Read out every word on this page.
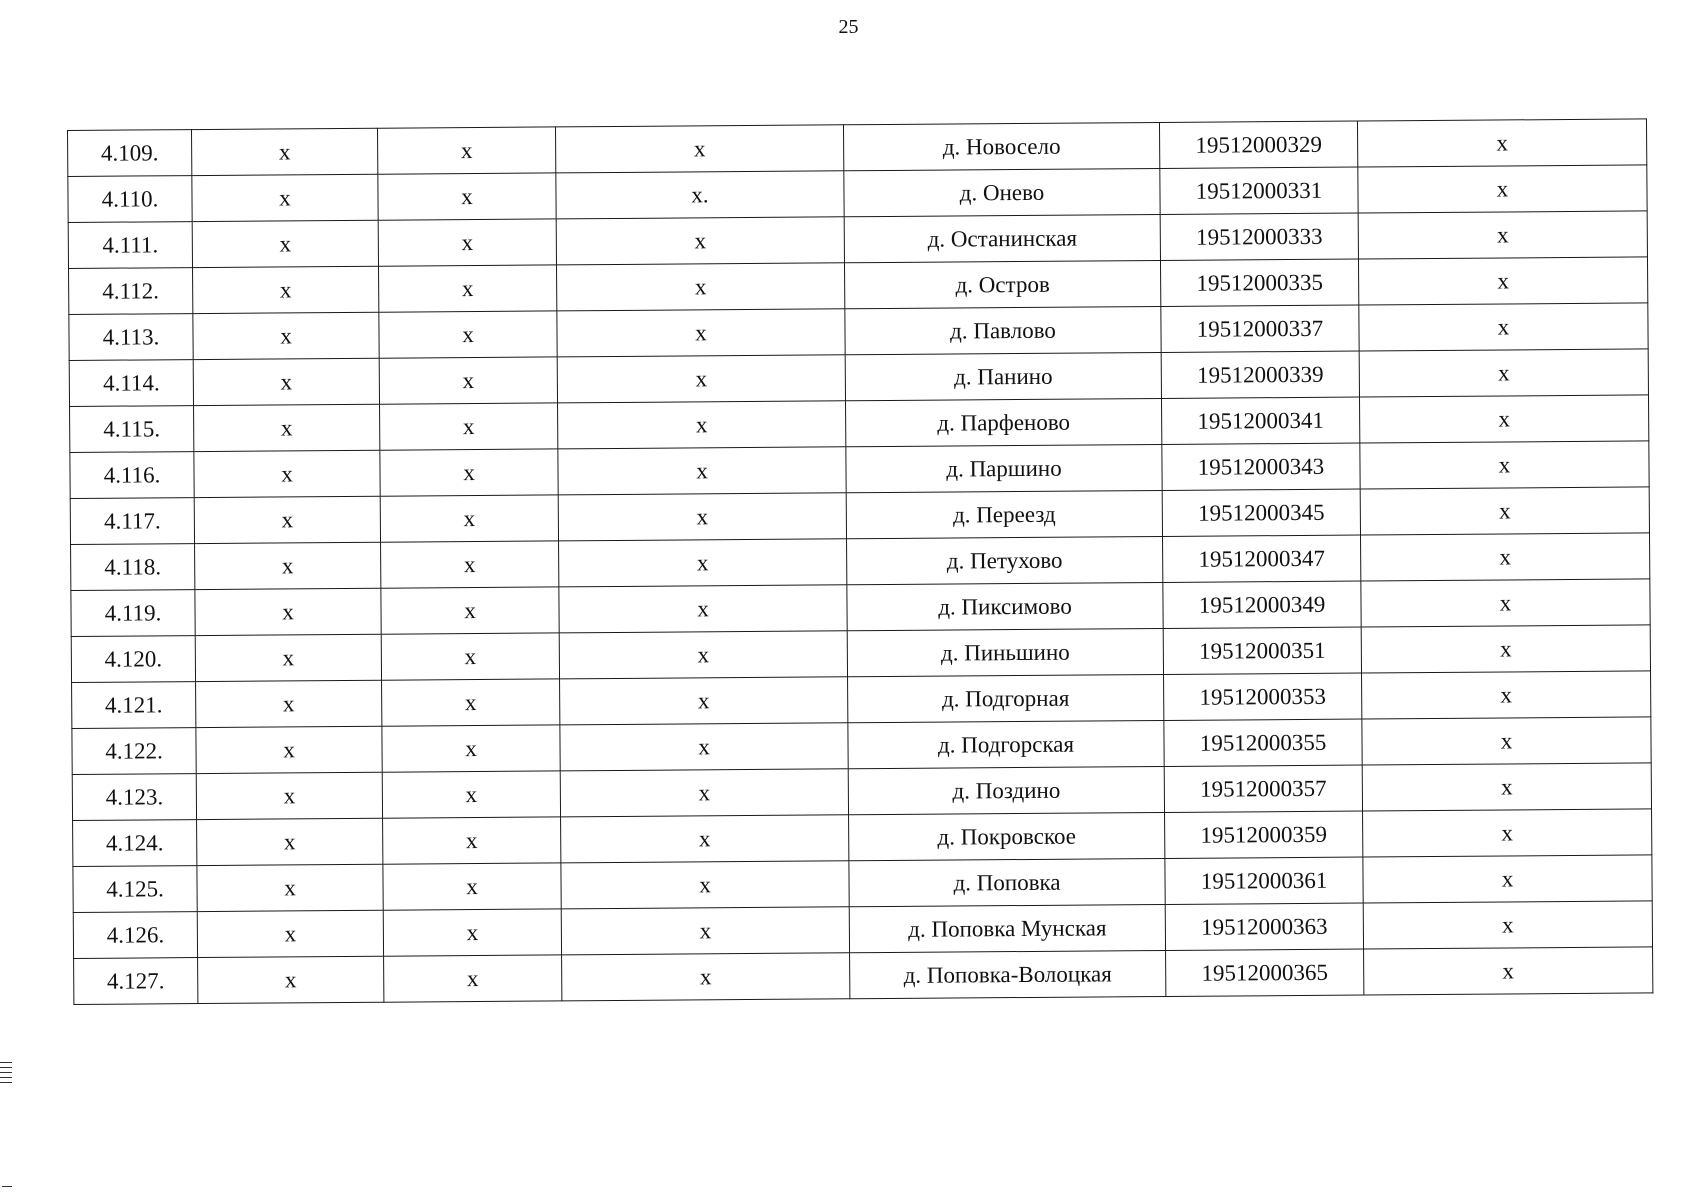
25
4.109.	x	x	x	д. Новосело	19512000329	x
4.110.	x	x	x.	д. Онево	19512000331	x
4.111.	x	x	x	д. Останинская	19512000333	x
4.112.	x	x	x	д. Остров	19512000335	x
4.113.	x	x	x	д. Павлово	19512000337	x
4.114.	x	x	x	д. Панино	19512000339	x
4.115.	x	x	x	д. Парфеново	19512000341	x
4.116.	x	x	x	д. Паршино	19512000343	x
4.117.	x	x	x	д. Переезд	19512000345	x
4.118.	x	x	x	д. Петухово	19512000347	x
4.119.	x	x	x	д. Пиксимово	19512000349	x
4.120.	x	x	x	д. Пиньшино	19512000351	x
4.121.	x	x	x	д. Подгорная	19512000353	x
4.122.	x	x	x	д. Подгорская	19512000355	x
4.123.	x	x	x	д. Поздино	19512000357	x
4.124.	x	x	x	д. Покровское	19512000359	x
4.125.	x	x	x	д. Поповка	19512000361	x
4.126.	x	x	x	д. Поповка Мунская	19512000363	x
4.127.	x	x	x	д. Поповка-Волоцкая	19512000365	x
